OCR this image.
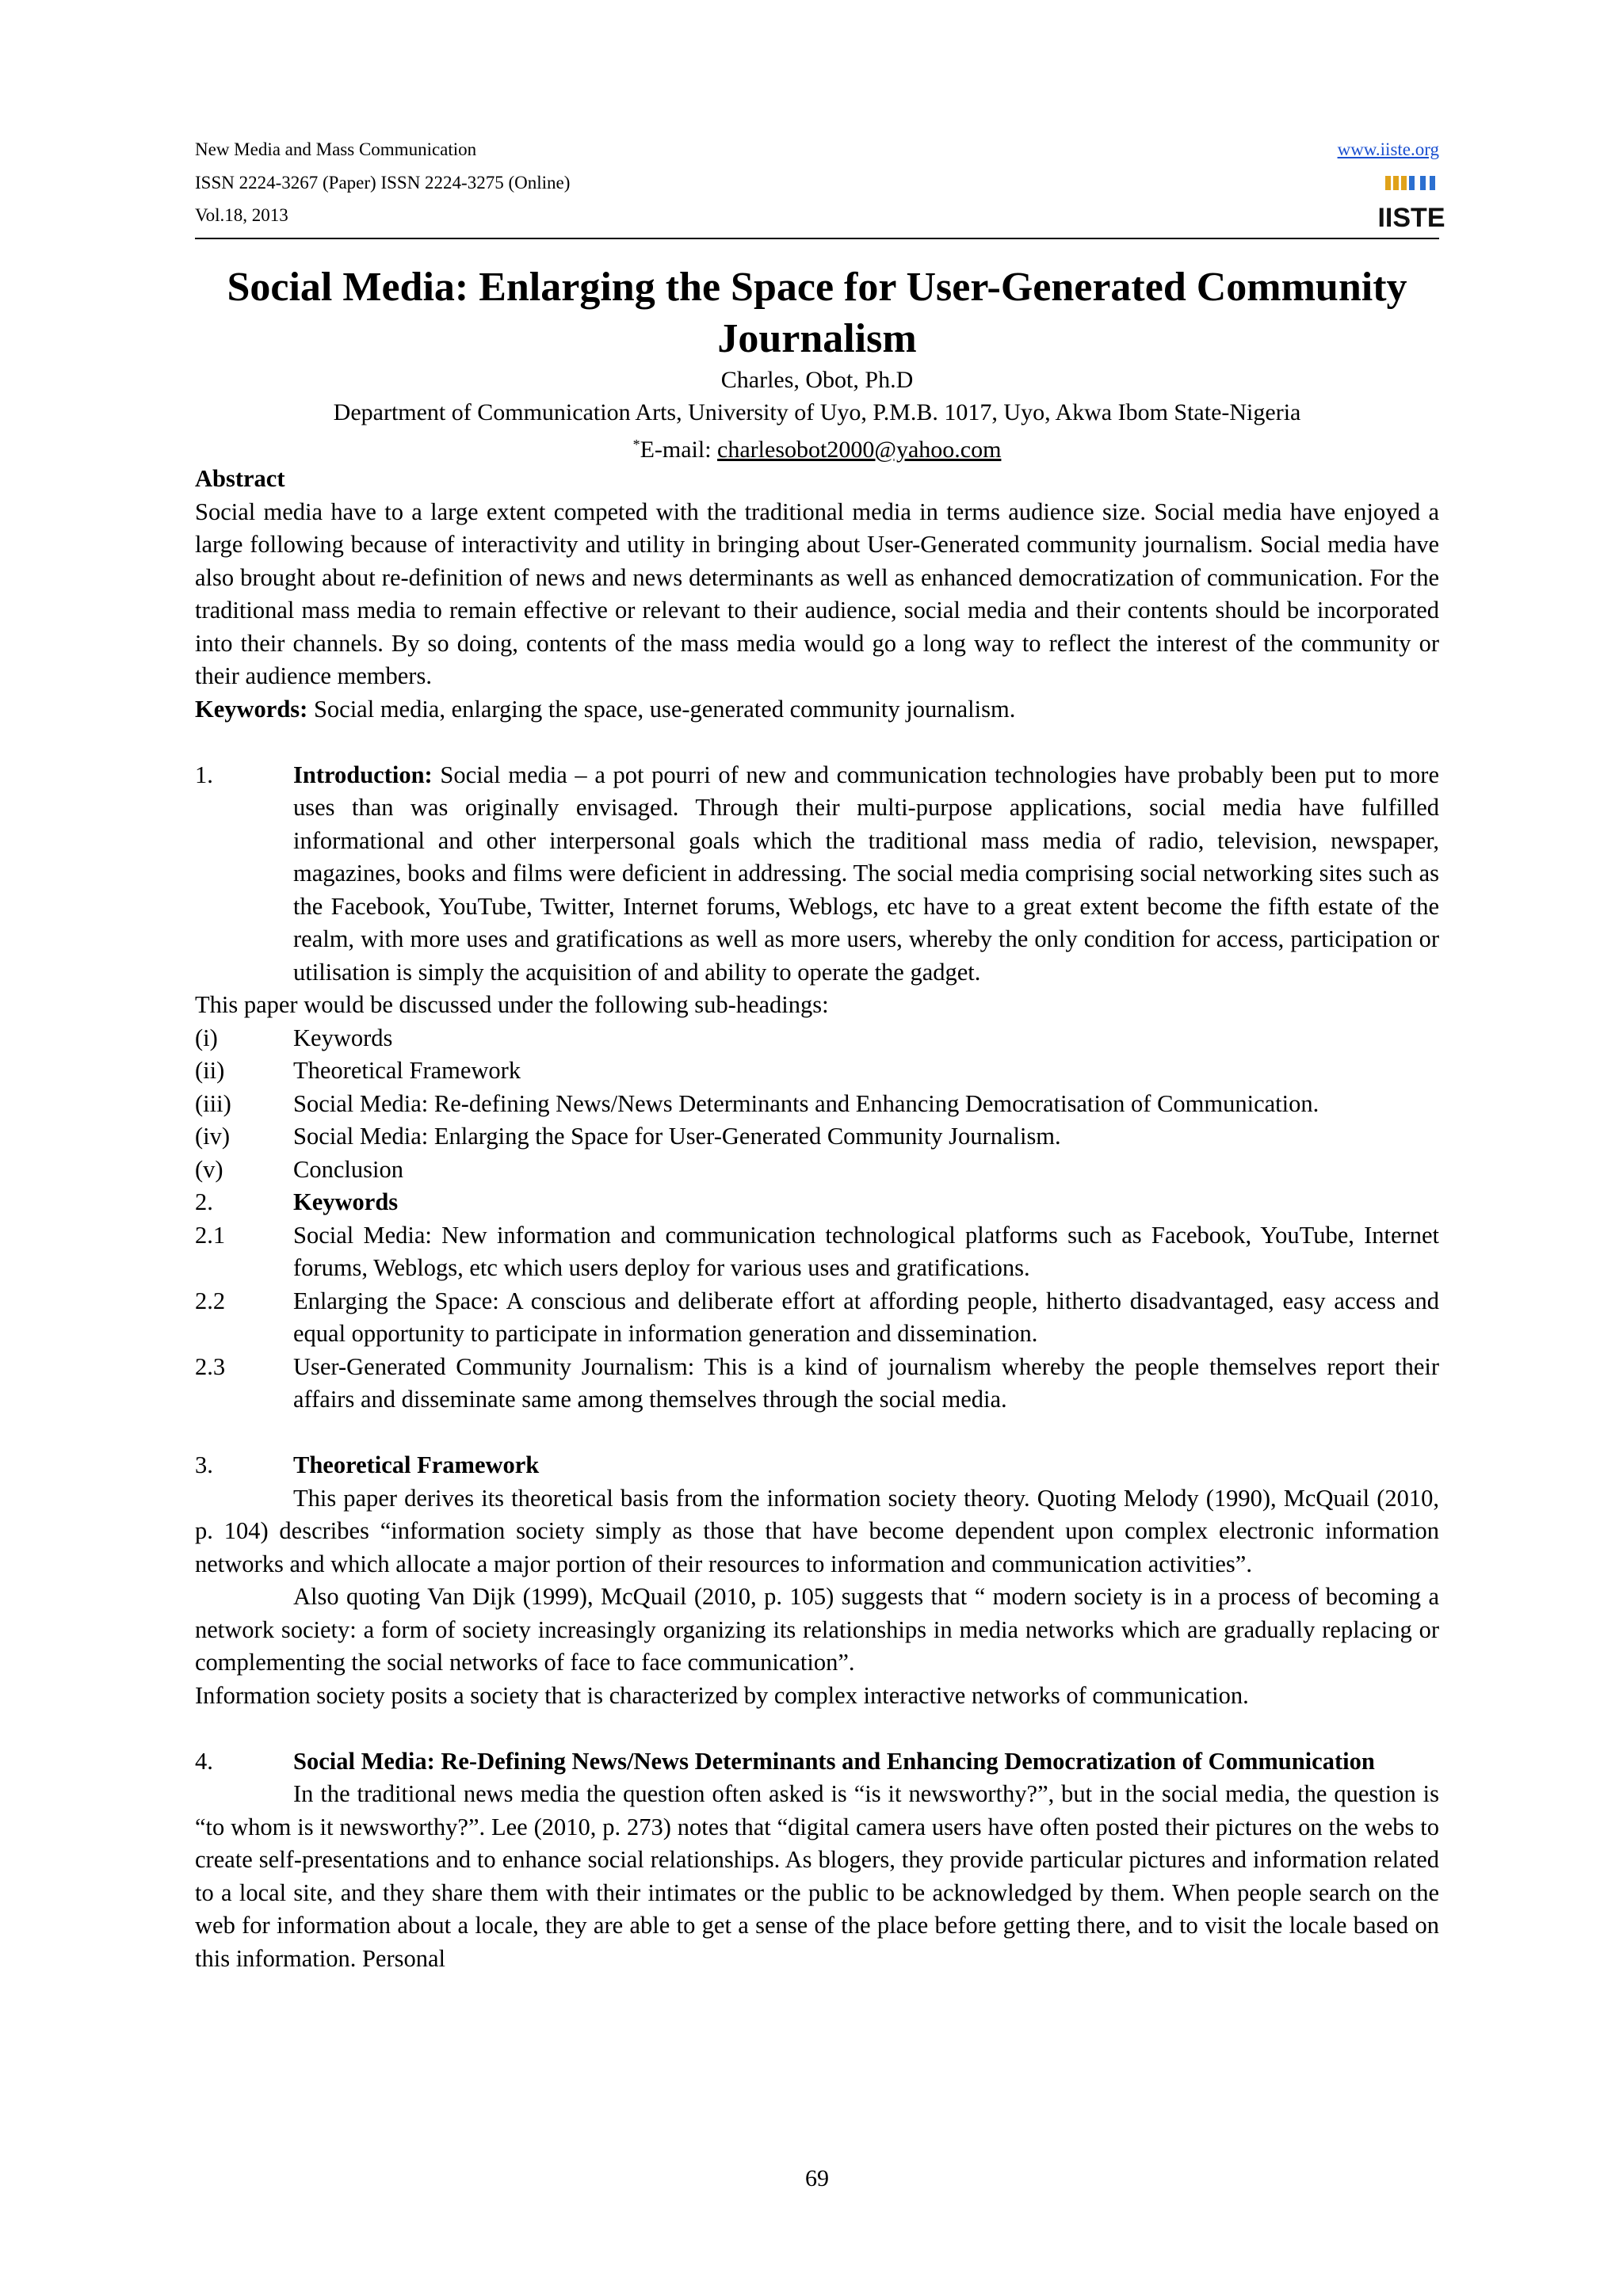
New Media and Mass Communication
ISSN 2224-3267 (Paper) ISSN 2224-3275 (Online)
Vol.18, 2013
www.iiste.org
IISTE
Social Media: Enlarging the Space for User-Generated Community Journalism
Charles, Obot, Ph.D
Department of Communication Arts, University of Uyo, P.M.B. 1017, Uyo, Akwa Ibom State-Nigeria
*E-mail: charlesobot2000@yahoo.com
Abstract

Social media have to a large extent competed with the traditional media in terms audience size. Social media have enjoyed a large following because of interactivity and utility in bringing about User-Generated community journalism. Social media have also brought about re-definition of news and news determinants as well as enhanced democratization of communication. For the traditional mass media to remain effective or relevant to their audience, social media and their contents should be incorporated into their channels. By so doing, contents of the mass media would go a long way to reflect the interest of the community or their audience members.

Keywords: Social media, enlarging the space, use-generated community journalism.

1.	Introduction: Social media – a pot pourri of new and communication technologies have probably been put to more uses than was originally envisaged. Through their multi-purpose applications, social media have fulfilled informational and other interpersonal goals which the traditional mass media of radio, television, newspaper, magazines, books and films were deficient in addressing. The social media comprising social networking sites such as the Facebook, YouTube, Twitter, Internet forums, Weblogs, etc have to a great extent become the fifth estate of the realm, with more uses and gratifications as well as more users, whereby the only condition for access, participation or utilisation is simply the acquisition of and ability to operate the gadget.

This paper would be discussed under the following sub-headings:

(i)	Keywords
(ii)	Theoretical Framework
(iii)	Social Media: Re-defining News/News Determinants and Enhancing Democratisation of Communication.
(iv)	Social Media: Enlarging the Space for User-Generated Community Journalism.
(v)	Conclusion
2.	Keywords
2.1	Social Media: New information and communication technological platforms such as Facebook, YouTube, Internet forums, Weblogs, etc which users deploy for various uses and gratifications.
2.2	Enlarging the Space: A conscious and deliberate effort at affording people, hitherto disadvantaged, easy access and equal opportunity to participate in information generation and dissemination.
2.3	User-Generated Community Journalism: This is a kind of journalism whereby the people themselves report their affairs and disseminate same among themselves through the social media.
3.	Theoretical Framework

This paper derives its theoretical basis from the information society theory. Quoting Melody (1990), McQuail (2010, p. 104) describes “information society simply as those that have become dependent upon complex electronic information networks and which allocate a major portion of their resources to information and communication activities”.

Also quoting Van Dijk (1999), McQuail (2010, p. 105) suggests that “ modern society is in a process of becoming a network society: a form of society increasingly organizing its relationships in media networks which are gradually replacing or complementing the social networks of face to face communication”.

Information society posits a society that is characterized by complex interactive networks of communication.

4.	Social Media: Re-Defining News/News Determinants and Enhancing Democratization of Communication

In the traditional news media the question often asked is “is it newsworthy?”, but in the social media, the question is “to whom is it newsworthy?”. Lee (2010, p. 273) notes that “digital camera users have often posted their pictures on the webs to create self-presentations and to enhance social relationships. As blogers, they provide particular pictures and information related to a local site, and they share them with their intimates or the public to be acknowledged by them. When people search on the web for information about a locale, they are able to get a sense of the place before getting there, and to visit the locale based on this information. Personal

69
